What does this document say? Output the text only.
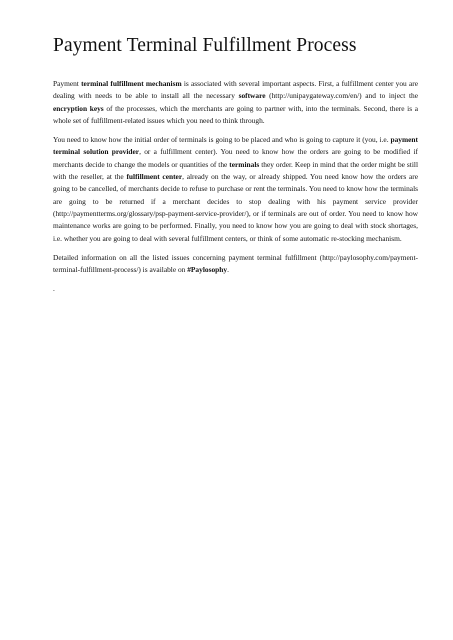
Payment Terminal Fulfillment Process

Payment terminal fulfillment mechanism is associated with several important aspects. First, a fulfillment center you are dealing with needs to be able to install all the necessary software (http://unipaygateway.com/en/) and to inject the encryption keys of the processes, which the merchants are going to partner with, into the terminals. Second, there is a whole set of fulfillment-related issues which you need to think through.

You need to know how the initial order of terminals is going to be placed and who is going to capture it (you, i.e. payment terminal solution provider, or a fulfillment center). You need to know how the orders are going to be modified if merchants decide to change the models or quantities of the terminals they order. Keep in mind that the order might be still with the reseller, at the fulfillment center, already on the way, or already shipped. You need know how the orders are going to be cancelled, of merchants decide to refuse to purchase or rent the terminals. You need to know how the terminals are going to be returned if a merchant decides to stop dealing with his payment service provider (http://paymentterms.org/glossary/psp-payment-service-provider/), or if terminals are out of order. You need to know how maintenance works are going to be performed. Finally, you need to know how you are going to deal with stock shortages, i.e. whether you are going to deal with several fulfillment centers, or think of some automatic re-stocking mechanism.

Detailed information on all the listed issues concerning payment terminal fulfillment (http://paylosophy.com/payment-terminal-fulfillment-process/) is available on #Paylosophy.

.
